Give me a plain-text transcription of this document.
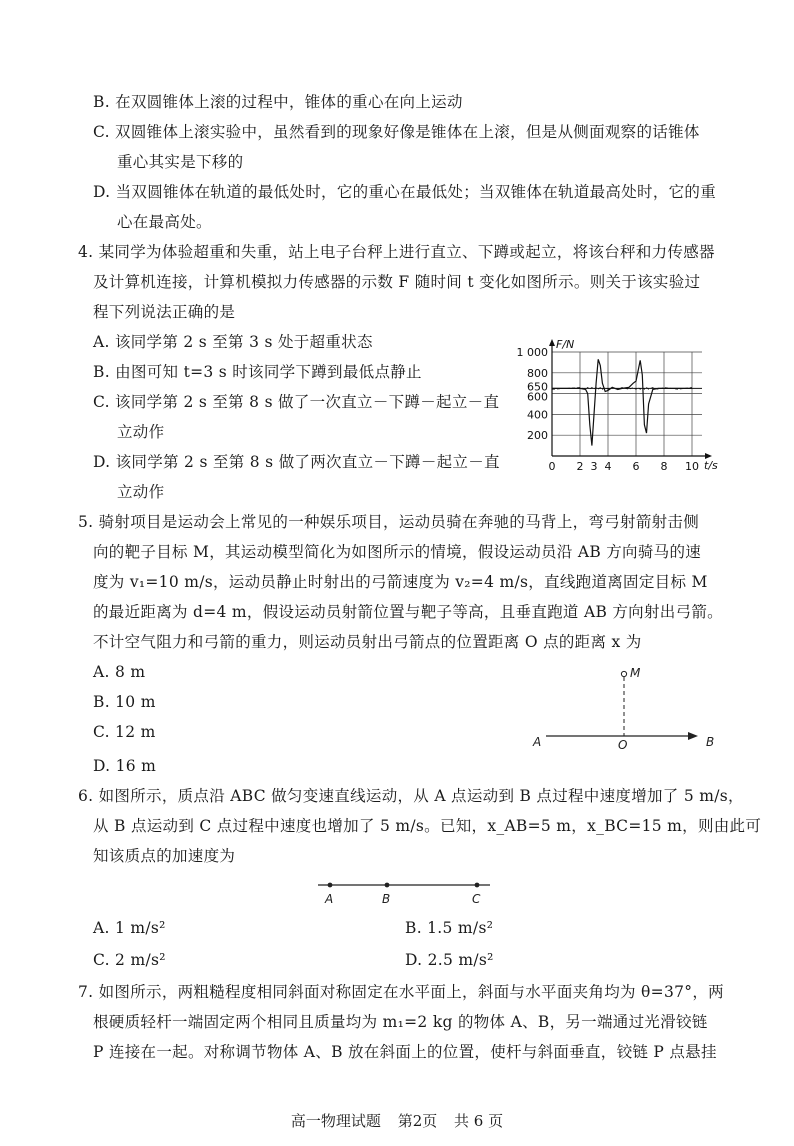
B. 在双圆锥体上滚的过程中，锥体的重心在向上运动
C. 双圆锥体上滚实验中，虽然看到的现象好像是锥体在上滚，但是从侧面观察的话锥体
重心其实是下移的
D. 当双圆锥体在轨道的最低处时，它的重心在最低处；当双锥体在轨道最高处时，它的重
心在最高处。
4. 某同学为体验超重和失重，站上电子台秤上进行直立、下蹲或起立，将该台秤和力传感器
及计算机连接，计算机模拟力传感器的示数 F 随时间 t 变化如图所示。则关于该实验过
程下列说法正确的是
A. 该同学第 2 s 至第 3 s 处于超重状态
B. 由图可知 t=3 s 时该同学下蹲到最低点静止
C. 该同学第 2 s 至第 8 s 做了一次直立－下蹲－起立－直
立动作
D. 该同学第 2 s 至第 8 s 做了两次直立－下蹲－起立－直
立动作
F/N
t/s
1 000
800
650
600
400
200
0 2 3 4 6 8 10
5. 骑射项目是运动会上常见的一种娱乐项目，运动员骑在奔驰的马背上，弯弓射箭射击侧
向的靶子目标 M，其运动模型简化为如图所示的情境，假设运动员沿 AB 方向骑马的速
度为 v₁=10 m/s，运动员静止时射出的弓箭速度为 v₂=4 m/s，直线跑道离固定目标 M
的最近距离为 d=4 m，假设运动员射箭位置与靶子等高，且垂直跑道 AB 方向射出弓箭。
不计空气阻力和弓箭的重力，则运动员射出弓箭点的位置距离 O 点的距离 x 为
A. 8 m
B. 10 m
C. 12 m
D. 16 m
M
A	O	B
6. 如图所示，质点沿 ABC 做匀变速直线运动，从 A 点运动到 B 点过程中速度增加了 5 m/s，
从 B 点运动到 C 点过程中速度也增加了 5 m/s。已知，x_AB=5 m，x_BC=15 m，则由此可
知该质点的加速度为
A	B	C
A. 1 m/s²	B. 1.5 m/s²
C. 2 m/s²	D. 2.5 m/s²
7. 如图所示，两粗糙程度相同斜面对称固定在水平面上，斜面与水平面夹角均为 θ=37°，两
根硬质轻杆一端固定两个相同且质量均为 m₁=2 kg 的物体 A、B，另一端通过光滑铰链
P 连接在一起。对称调节物体 A、B 放在斜面上的位置，使杆与斜面垂直，铰链 P 点悬挂
高一物理试题 第2页 共 6 页
